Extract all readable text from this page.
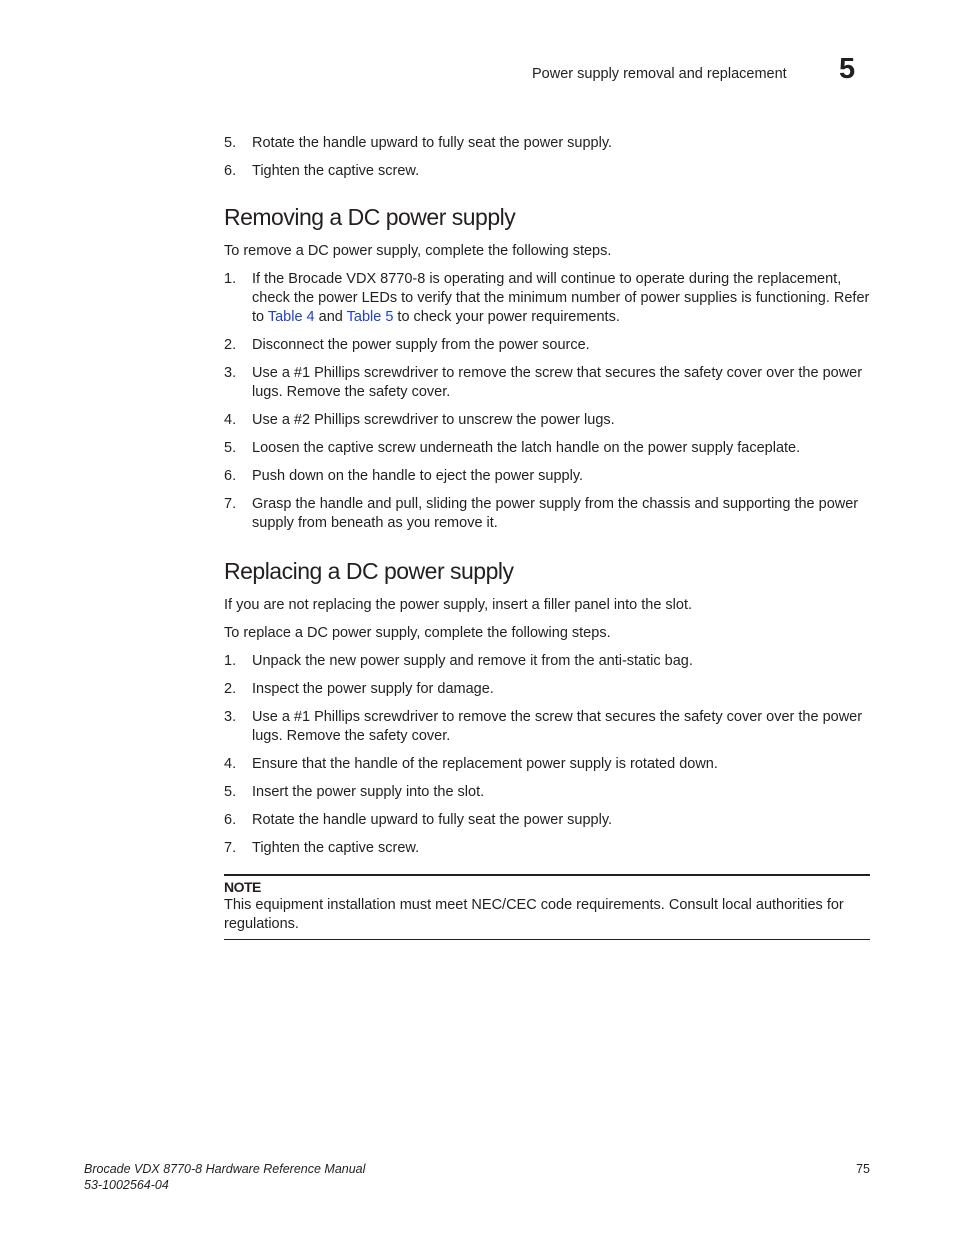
Power supply removal and replacement 5
5. Rotate the handle upward to fully seat the power supply.
6. Tighten the captive screw.
Removing a DC power supply

To remove a DC power supply, complete the following steps.

1. If the Brocade VDX 8770-8 is operating and will continue to operate during the replacement, check the power LEDs to verify that the minimum number of power supplies is functioning. Refer to Table 4 and Table 5 to check your power requirements.
2. Disconnect the power supply from the power source.
3. Use a #1 Phillips screwdriver to remove the screw that secures the safety cover over the power lugs. Remove the safety cover.
4. Use a #2 Phillips screwdriver to unscrew the power lugs.
5. Loosen the captive screw underneath the latch handle on the power supply faceplate.
6. Push down on the handle to eject the power supply.
7. Grasp the handle and pull, sliding the power supply from the chassis and supporting the power supply from beneath as you remove it.
Replacing a DC power supply

If you are not replacing the power supply, insert a filler panel into the slot.

To replace a DC power supply, complete the following steps.

1. Unpack the new power supply and remove it from the anti-static bag.
2. Inspect the power supply for damage.
3. Use a #1 Phillips screwdriver to remove the screw that secures the safety cover over the power lugs. Remove the safety cover.
4. Ensure that the handle of the replacement power supply is rotated down.
5. Insert the power supply into the slot.
6. Rotate the handle upward to fully seat the power supply.
7. Tighten the captive screw.
NOTE
This equipment installation must meet NEC/CEC code requirements. Consult local authorities for regulations.
Brocade VDX 8770-8 Hardware Reference Manual
53-1002564-04
75
